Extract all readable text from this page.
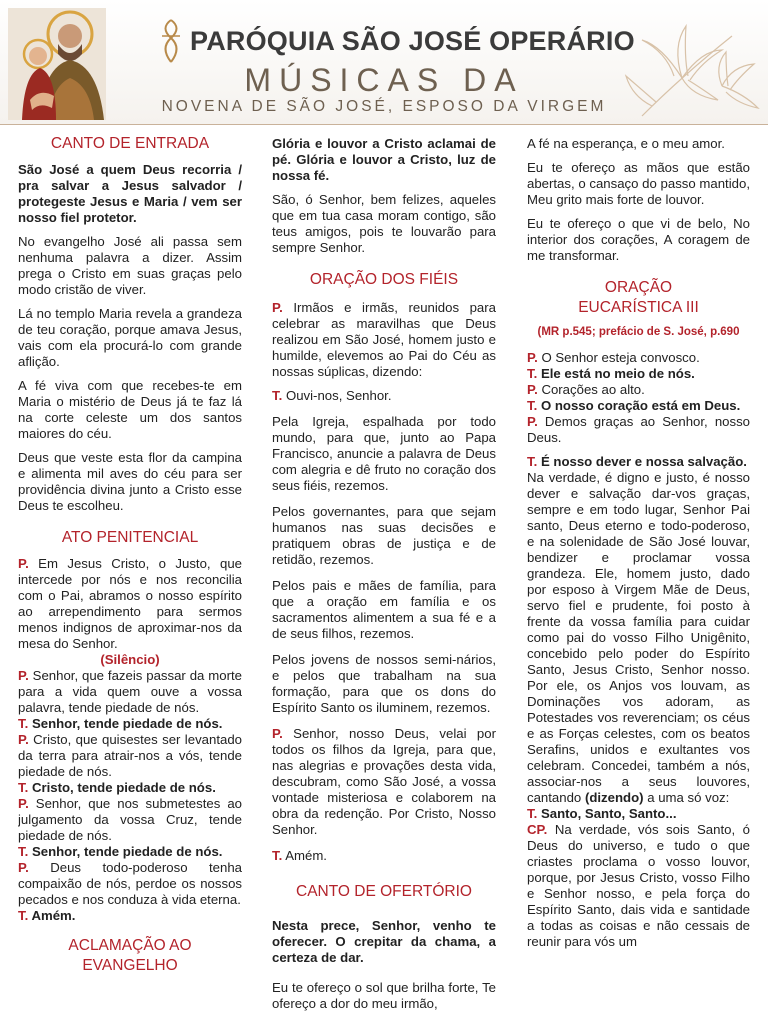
PARÓQUIA SÃO JOSÉ OPERÁRIO
MÚSICAS DA
NOVENA DE SÃO JOSÉ, ESPOSO DA VIRGEM
CANTO DE ENTRADA

São José a quem Deus recorria / pra salvar a Jesus salvador / protegeste Jesus e Maria / vem ser nosso fiel protetor.

No evangelho José ali passa sem nenhuma palavra a dizer. Assim prega o Cristo em suas graças pelo modo cristão de viver.

Lá no templo Maria revela a grandeza de teu coração, porque amava Jesus, vais com ela procurá-lo com grande aflição.

A fé viva com que recebes-te em Maria o mistério de Deus já te faz lá na corte celeste um dos santos maiores do céu.

Deus que veste esta flor da campina e alimenta mil aves do céu para ser providência divina junto a Cristo esse Deus te escolheu.

ATO PENITENCIAL

P. Em Jesus Cristo, o Justo, que intercede por nós e nos reconcilia com o Pai, abramos o nosso espírito ao arrependimento para sermos menos indignos de aproximar-nos da mesa do Senhor.

(Silêncio)

P. Senhor, que fazeis passar da morte para a vida quem ouve a vossa palavra, tende piedade de nós.

T. Senhor, tende piedade de nós.

P. Cristo, que quisestes ser levantado da terra para atrair-nos a vós, tende piedade de nós.

T. Cristo, tende piedade de nós.

P. Senhor, que nos submetestes ao julgamento da vossa Cruz, tende piedade de nós.

T. Senhor, tende piedade de nós.

P. Deus todo-poderoso tenha compaixão de nós, perdoe os nossos pecados e nos conduza à vida eterna.

T. Amém.

ACLAMAÇÃO AO EVANGELHO

Glória e louvor a Cristo aclamai de pé. Glória e louvor a Cristo, luz de nossa fé.

São, ó Senhor, bem felizes, aqueles que em tua casa moram contigo, são teus amigos, pois te louvarão para sempre Senhor.

ORAÇÃO DOS FIÉIS

P. Irmãos e irmãs, reunidos para celebrar as maravilhas que Deus realizou em São José, homem justo e humilde, elevemos ao Pai do Céu as nossas súplicas, dizendo:

T. Ouvi-nos, Senhor.

Pela Igreja, espalhada por todo mundo, para que, junto ao Papa Francisco, anuncie a palavra de Deus com alegria e dê fruto no coração dos seus fiéis, rezemos.

Pelos governantes, para que sejam humanos nas suas decisões e pratiquem obras de justiça e de retidão, rezemos.

Pelos pais e mães de família, para que a oração em família e os sacramentos alimentem a sua fé e a de seus filhos, rezemos.

Pelos jovens de nossos semi-nários, e pelos que trabalham na sua formação, para que os dons do Espírito Santo os iluminem, rezemos.

P. Senhor, nosso Deus, velai por todos os filhos da Igreja, para que, nas alegrias e provações desta vida, descubram, como São José, a vossa vontade misteriosa e colaborem na obra da redenção. Por Cristo, Nosso Senhor.

T. Amém.

CANTO DE OFERTÓRIO

Nesta prece, Senhor, venho te oferecer. O crepitar da chama, a certeza de dar.

Eu te ofereço o sol que brilha forte, Te ofereço a dor do meu irmão,

A fé na esperança, e o meu amor.

Eu te ofereço as mãos que estão abertas, o cansaço do passo mantido, Meu grito mais forte de louvor.

Eu te ofereço o que vi de belo, No interior dos corações, A coragem de me transformar.

ORAÇÃO
EUCARÍSTICA III

(MR p.545; prefácio de S. José, p.690

P. O Senhor esteja convosco.

T. Ele está no meio de nós.

P. Corações ao alto.

T. O nosso coração está em Deus.

P. Demos graças ao Senhor, nosso Deus.

T. É nosso dever e nossa salvação.

Na verdade, é digno e justo, é nosso dever e salvação dar-vos graças, sempre e em todo lugar, Senhor Pai santo, Deus eterno e todo-poderoso, e na solenidade de São José louvar, bendizer e proclamar vossa grandeza. Ele, homem justo, dado por esposo à Virgem Mãe de Deus, servo fiel e prudente, foi posto à frente da vossa família para cuidar como pai do vosso Filho Unigênito, concebido pelo poder do Espírito Santo, Jesus Cristo, Senhor nosso. Por ele, os Anjos vos louvam, as Dominações vos adoram, as Potestades vos reverenciam; os céus e as Forças celestes, com os beatos Serafins, unidos e exultantes vos celebram. Concedei, também a nós, associar-nos a seus louvores, cantando (dizendo) a uma só voz:

T. Santo, Santo, Santo...

CP. Na verdade, vós sois Santo, ó Deus do universo, e tudo o que criastes proclama o vosso louvor, porque, por Jesus Cristo, vosso Filho e Senhor nosso, e pela força do Espírito Santo, dais vida e santidade a todas as coisas e não cessais de reunir para vós um
